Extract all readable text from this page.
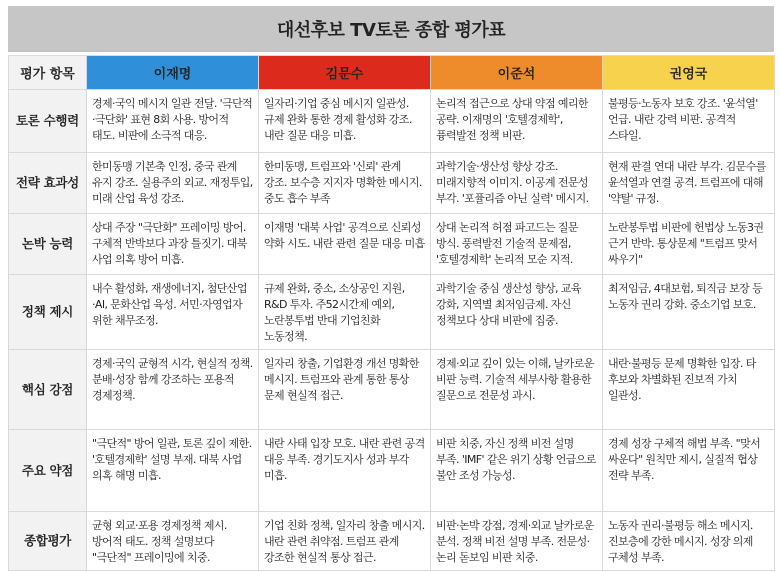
대선후보 TV토론 종합 평가표
평가 항목	이재명	김문수	이준석	권영국
토론 수행력	경제·국익 메시지 일관 전달. '극단적·극단화' 표현 8회 사용. 방어적 태도. 비판에 소극적 대응.	일자리·기업 중심 메시지 일관성. 규제 완화 통한 경제 활성화 강조. 내란 질문 대응 미흡.	논리적 접근으로 상대 약점 예리한 공략. 이재명의 '호텔경제학', 퓽력발전 정책 비판.	불평등·노동자 보호 강조. '윤석열' 언급. 내란 강력 비판. 공격적 스타일.
전략 효과성	한미동맹 기본축 인정, 중국 관계 유지 강조. 실용주의 외교. 재정투입, 미래 산업 육성 강조.	한미동맹, 트럼프와 '신뢰' 관계 강조. 보수층 지지자 명확한 메시지. 중도 흡수 부족	과학기술·생산성 향상 강조. 미래지향적 이미지. 이공계 전문성 부각. '포퓰리즘 아닌 실력' 메시지.	현재 판결 연대 내란 부각. 김문수를 윤석열과 연결 공격. 트럼프에 대해 '약탈' 규정.
논박 능력	상대 주장 "극단화" 프레이밍 방어. 구체적 반박보다 과장 틀짓기. 대북 사업 의혹 방어 미흡.	이재명 '대북 사업' 공격으로 신뢰성 약화 시도. 내란 관련 질문 대응 미흡	상대 논리적 허점 파고드는 질문 방식. 풍력발전 기술적 문제점, '호텔경제학' 논리적 모순 지적.	노란봉투법 비판에 헌법상 노동3권 근거 반박. 통상문제 "트럼프 맞서 싸우기"
정책 제시	내수 활성화, 재생에너지, 첨단산업·AI, 문화산업 육성. 서민·자영업자 위한 채무조정.	규제 완화, 중소, 소상공인 지원, R&D 투자. 주52시간제 예외, 노란봉투법 반대 기업친화 노동정책.	과학기술 중심 생산성 향상, 교육 강화, 지역별 최저임금제. 자신 정책보다 상대 비판에 집중.	최저임금, 4대보험, 퇴직금 보장 등 노동자 권리 강화. 중소기업 보호.
핵심 강점	경제·국익 균형적 시각, 현실적 정책. 분배·성장 함께 강조하는 포용적 경제정책.	일자리 창출, 기업환경 개선 명확한 메시지. 트럼프와 관계 통한 통상 문제 현실적 접근.	경제·외교 깊이 있는 이해, 날카로운 비판 능력. 기술적 세부사항 활용한 질문으로 전문성 과시.	내란·불평등 문제 명확한 입장. 타 후보와 차별화된 진보적 가치 일관성.
주요 약점	"극단적" 방어 일관, 토론 깊이 제한. '호텔경제학' 설명 부재. 대북 사업 의혹 해명 미흡.	내란 사태 입장 모호. 내란 관련 공격 대응 부족. 경기도지사 성과 부각 미흡.	비판 치중, 자신 정책 비전 설명 부족. 'IMF' 같은 위기 상황 언급으로 불안 조성 가능성.	경제 성장 구체적 해법 부족. "맞서 싸운다" 원칙만 제시, 실질적 협상 전략 부족.
종합평가	균형 외교·포용 경제정책 제시. 방어적 태도. 정책 설명보다 "극단적" 프레이밍에 치중.	기업 친화 정책, 일자리 창출 메시지. 내란 관련 취약점. 트럼프 관계 강조한 현실적 통상 접근.	비판·논박 강점, 경제·외교 날카로운 분석. 정책 비전 설명 부족. 전문성·논리 돋보임 비판 치중.	노동자 권리·불평등 해소 메시지. 진보층에 강한 메시지. 성장 의제 구체성 부족.
